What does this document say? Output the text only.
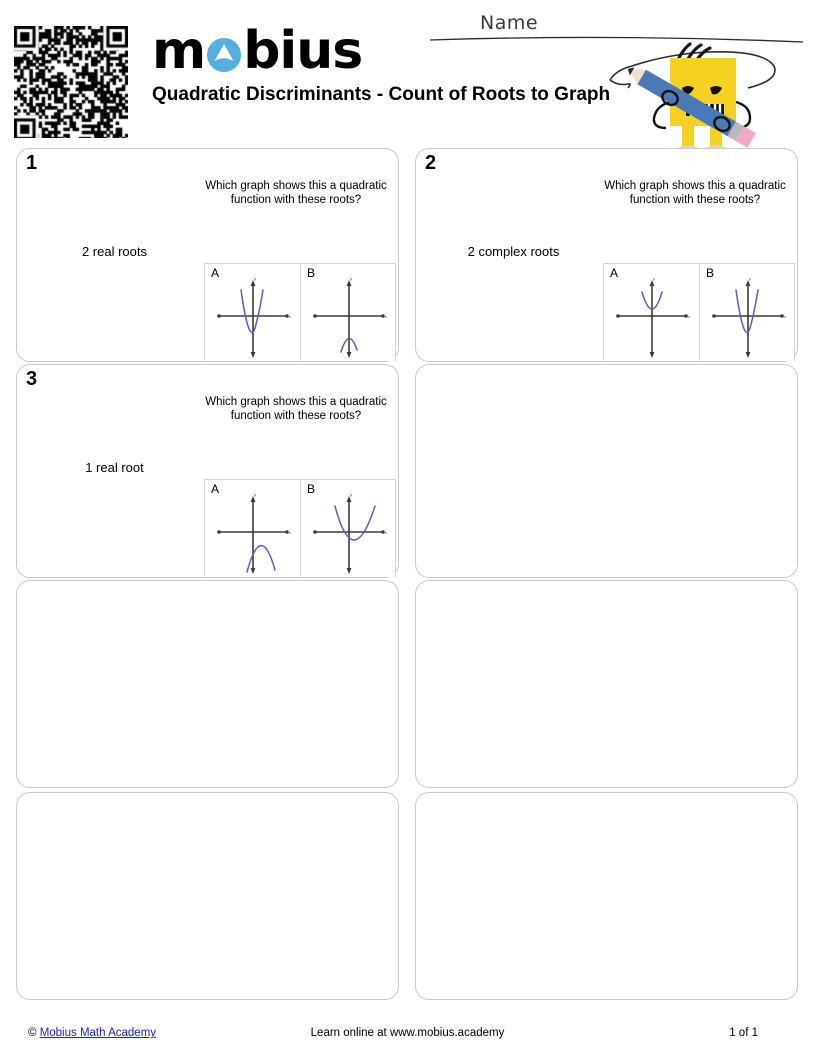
m bius
Quadratic Discriminants - Count of Roots to Graph
Name
1
Which graph shows this a quadratic function with these roots?
2 real roots
A
x
y	B
x
y
2
Which graph shows this a quadratic function with these roots?
2 complex roots
A
x
y	B
x
y
3
Which graph shows this a quadratic function with these roots?
1 real root
A
x
y	B
x
y
© Mobius Math Academy	Learn online at www.mobius.academy	1 of 1
